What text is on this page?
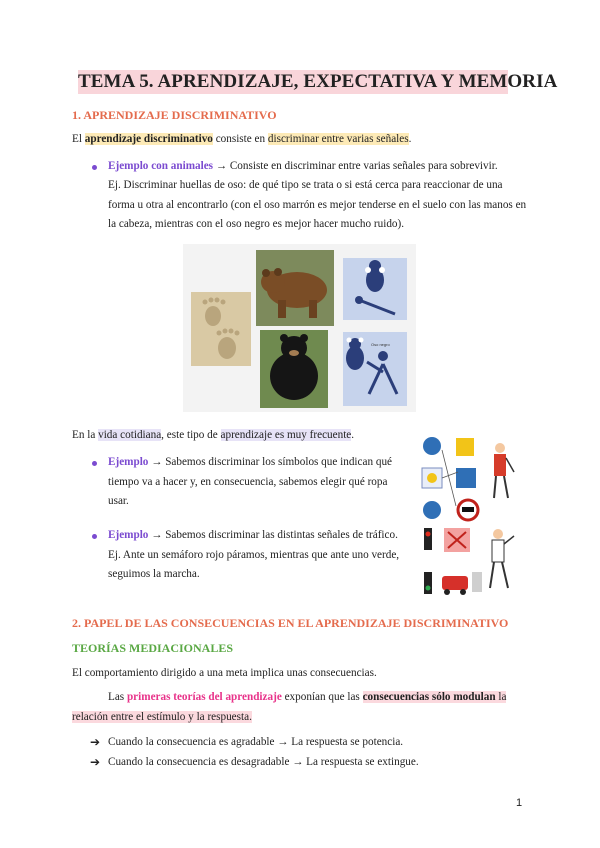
TEMA 5. APRENDIZAJE, EXPECTATIVA Y MEMORIA
1. APRENDIZAJE DISCRIMINATIVO
El aprendizaje discriminativo consiste en discriminar entre varias señales.
Ejemplo con animales → Consiste en discriminar entre varias señales para sobrevivir.
Ej. Discriminar huellas de oso: de qué tipo se trata o si está cerca para reaccionar de una
forma u otra al encontrarlo (con el oso marrón es mejor tenderse en el suelo con las manos en
la cabeza, mientras con el oso negro es mejor hacer mucho ruido).
Oso negro
En la vida cotidiana, este tipo de aprendizaje es muy frecuente.
Ejemplo → Sabemos discriminar los símbolos que indican qué
tiempo va a hacer y, en consecuencia, sabemos elegir qué ropa
usar.
Ejemplo → Sabemos discriminar las distintas señales de tráfico.
Ej. Ante un semáforo rojo páramos, mientras que ante uno verde,
seguimos la marcha.
2. PAPEL DE LAS CONSECUENCIAS EN EL APRENDIZAJE DISCRIMINATIVO
TEORÍAS MEDIACIONALES
El comportamiento dirigido a una meta implica unas consecuencias.
Las primeras teorías del aprendizaje exponían que las consecuencias sólo modulan la
relación entre el estímulo y la respuesta.
➔ Cuando la consecuencia es agradable → La respuesta se potencia.
➔ Cuando la consecuencia es desagradable → La respuesta se extingue.
1
